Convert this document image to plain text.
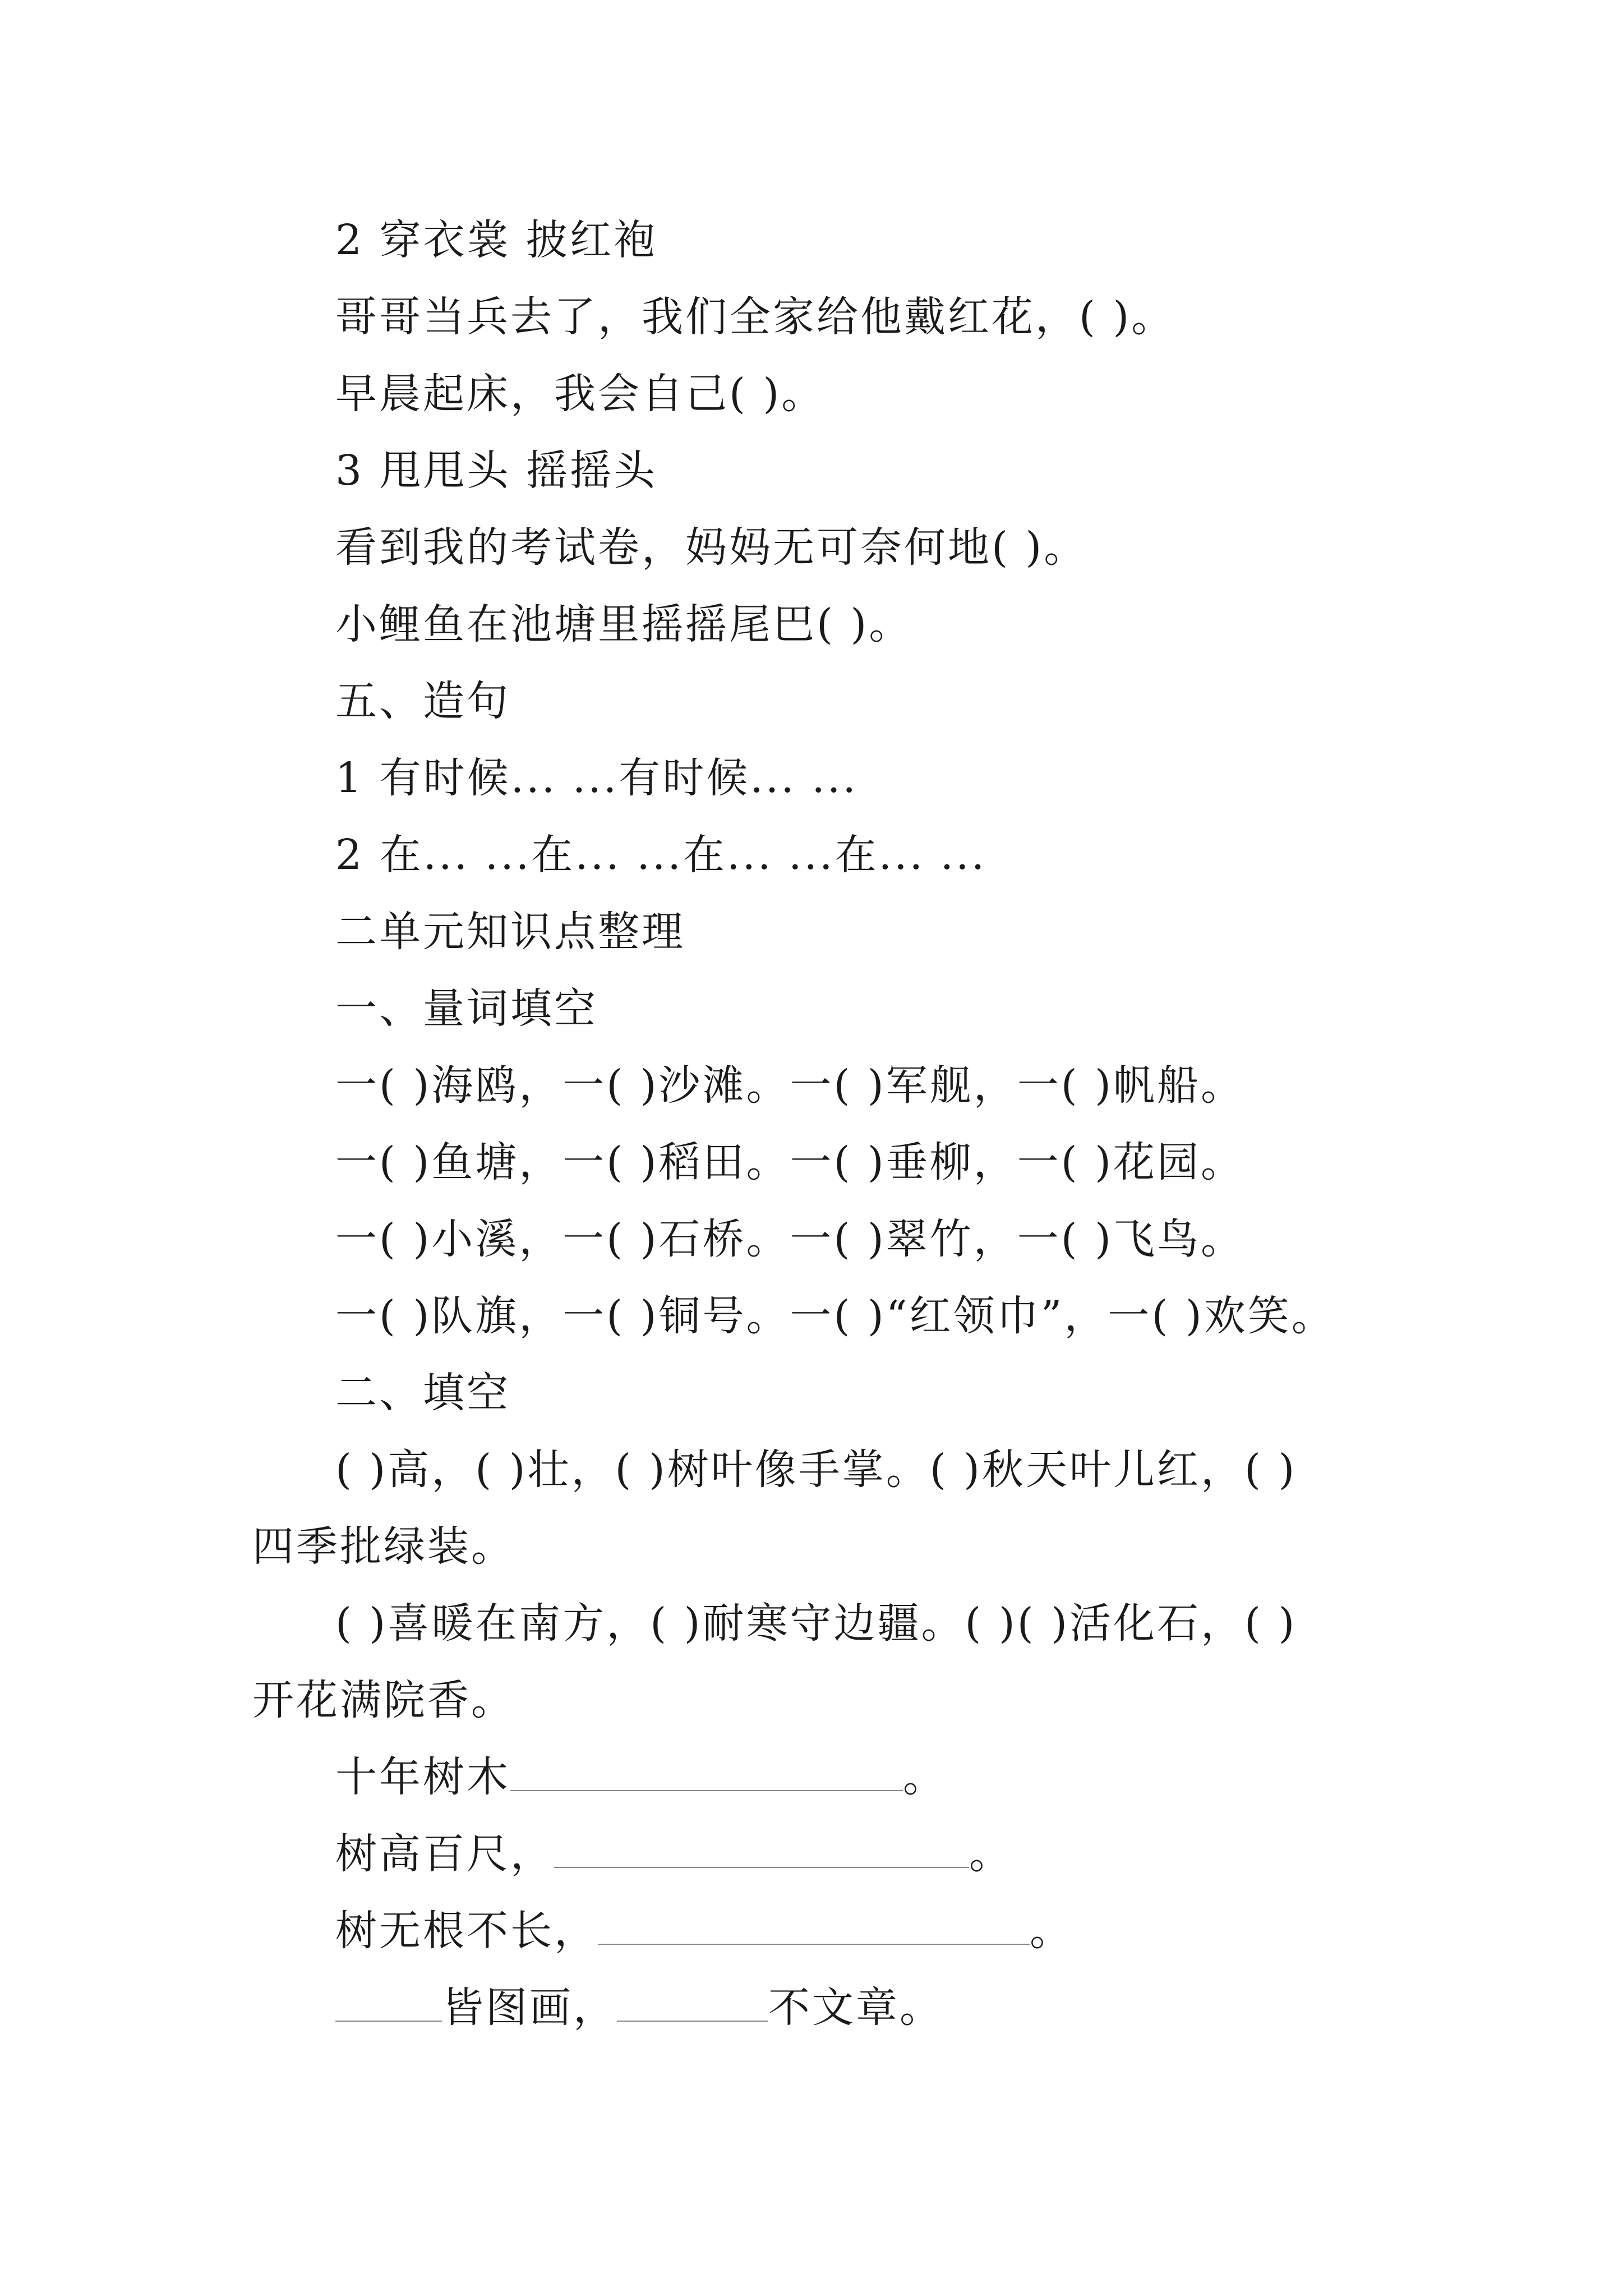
2 穿衣裳 披红袍
哥哥当兵去了，我们全家给他戴红花，( )。
早晨起床，我会自己( )。
3 甩甩头 摇摇头
看到我的考试卷，妈妈无可奈何地( )。
小鲤鱼在池塘里摇摇尾巴( )。
五、造句
1 有时候... ...有时候... ...
2 在... ...在... ...在... ...在... ...
二单元知识点整理
一、量词填空
一( )海鸥，一( )沙滩。一( )军舰，一( )帆船。
一( )鱼塘，一( )稻田。一( )垂柳，一( )花园。
一( )小溪，一( )石桥。一( )翠竹，一( )飞鸟。
一( )队旗，一( )铜号。一( )“红领巾”，一( )欢笑。
二、填空
( )高，( )壮，( )树叶像手掌。( )秋天叶儿红，( )
四季批绿装。
( )喜暖在南方，( )耐寒守边疆。( )( )活化石，( )
开花满院香。
十年树木	。
树高百尺，	。
树无根不长，	。
皆图画，	不文章。
